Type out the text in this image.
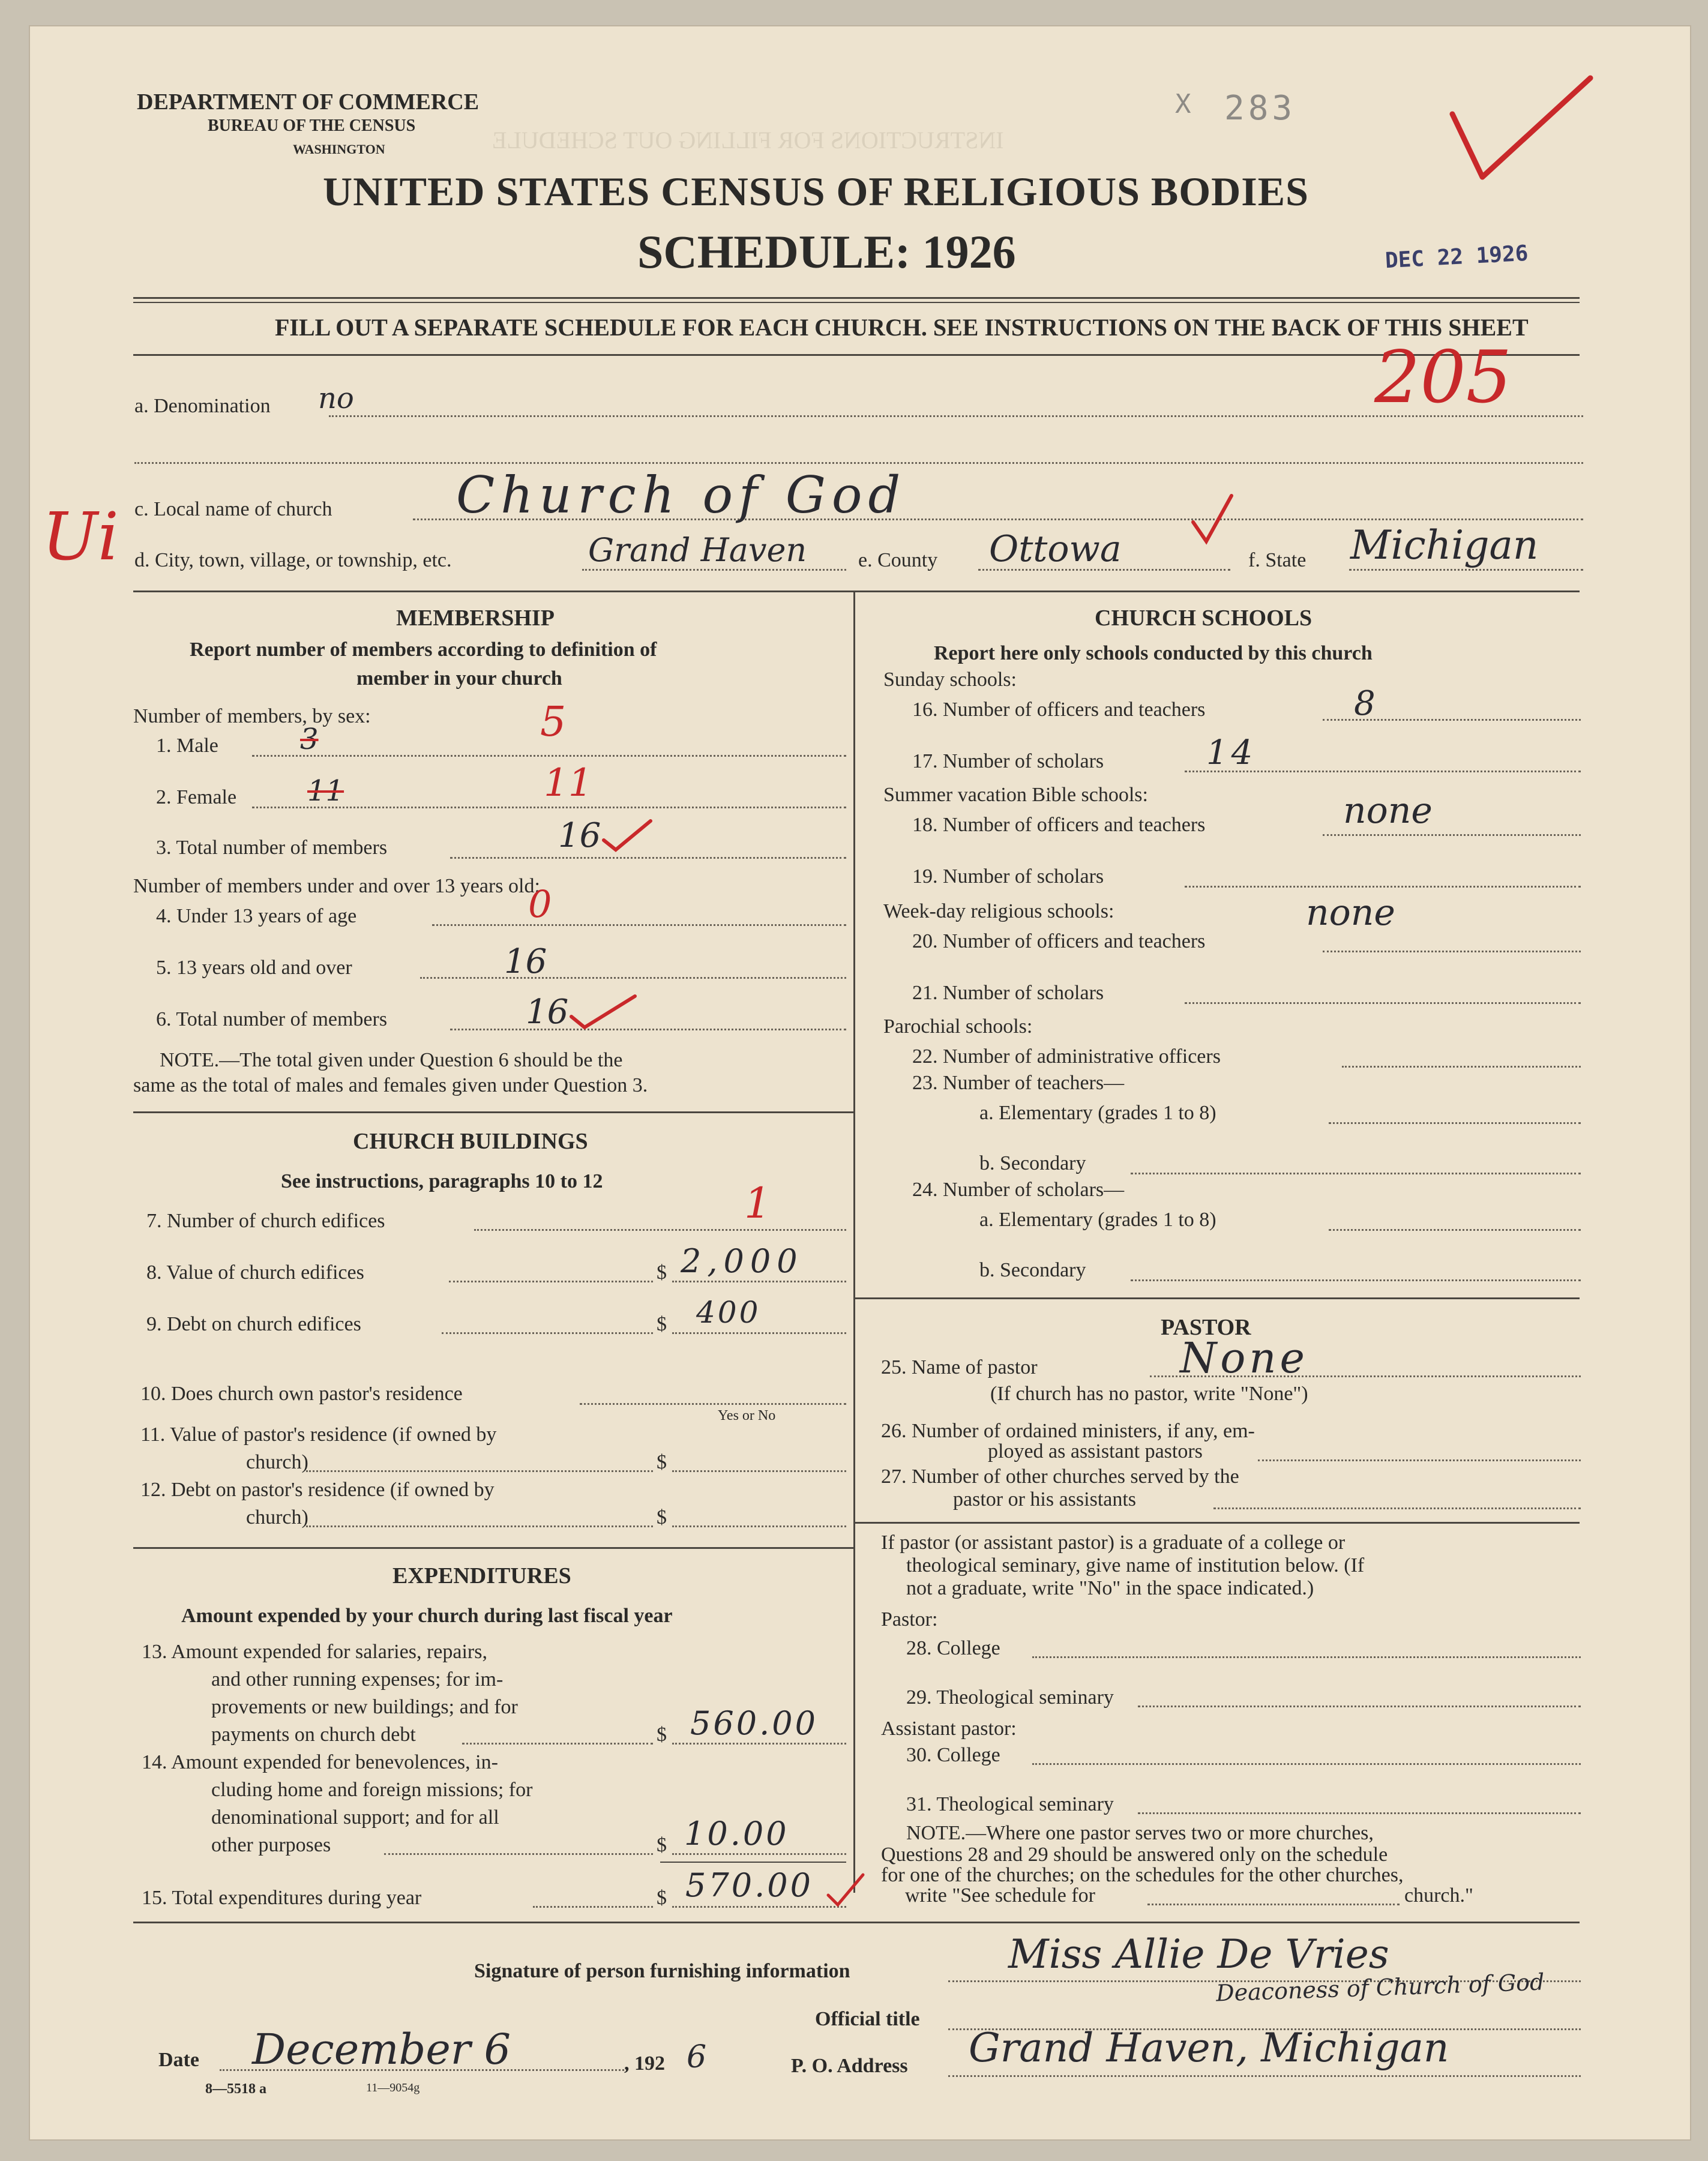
INSTRUCTIONS FOR FILLING OUT SCHEDULE
DEPARTMENT OF COMMERCE
BUREAU OF THE CENSUS
WASHINGTON
X 283
UNITED STATES CENSUS OF RELIGIOUS BODIES
SCHEDULE: 1926	DEC 22 1926
FILL OUT A SEPARATE SCHEDULE FOR EACH CHURCH. SEE INSTRUCTIONS ON THE BACK OF THIS SHEET
205
a. Denomination no
c. Local name of church Church of God
Ui d. City, town, village, or township, etc.	Grand Haven	e. County Ottowa	f. State Michigan
MEMBERSHIP
Report number of members according to definition of
member in your church
Number of members, by sex:
1. Male	3	5
2. Female 11	11
3. Total number of members	16
Number of members under and over 13 years old:
4. Under 13 years of age	0
5. 13 years old and over	16
6. Total number of members	16
NOTE.—The total given under Question 6 should be the
same as the total of males and females given under Question 3.
CHURCH BUILDINGS
See instructions, paragraphs 10 to 12
7. Number of church edifices	1
8. Value of church edifices	$ 2,000
9. Debt on church edifices	$ 400
10. Does church own pastor's residence
Yes or No
11. Value of pastor's residence (if owned by
church)	$
12. Debt on pastor's residence (if owned by
church)	$
EXPENDITURES
Amount expended by your church during last fiscal year
13. Amount expended for salaries, repairs,
and other running expenses; for im-
provements or new buildings; and for
payments on church debt	$ 560.00
14. Amount expended for benevolences, in-
cluding home and foreign missions; for
denominational support; and for all
other purposes	$ 10.00
15. Total expenditures during year	$ 570.00
CHURCH SCHOOLS
Report here only schools conducted by this church
Sunday schools:
16. Number of officers and teachers	8
17. Number of scholars	14
Summer vacation Bible schools:
18. Number of officers and teachers	none
19. Number of scholars
Week-day religious schools:	none
20. Number of officers and teachers
21. Number of scholars
Parochial schools:
22. Number of administrative officers
23. Number of teachers—
a. Elementary (grades 1 to 8)
b. Secondary
24. Number of scholars—
a. Elementary (grades 1 to 8)
b. Secondary
PASTOR
25. Name of pastor	None
(If church has no pastor, write "None")
26. Number of ordained ministers, if any, em-
ployed as assistant pastors
27. Number of other churches served by the
pastor or his assistants
If pastor (or assistant pastor) is a graduate of a college or
theological seminary, give name of institution below. (If
not a graduate, write "No" in the space indicated.)
Pastor:
28. College
29. Theological seminary
Assistant pastor:
30. College
31. Theological seminary
NOTE.—Where one pastor serves two or more churches,
Questions 28 and 29 should be answered only on the schedule
for one of the churches; on the schedules for the other churches,
write "See schedule for	church."
Signature of person furnishing information	Miss Allie De Vries
Deaconess of Church of God
Official title
Date December 6	, 192 6	P. O. Address Grand Haven, Michigan
8—5518 a	11—9054g
